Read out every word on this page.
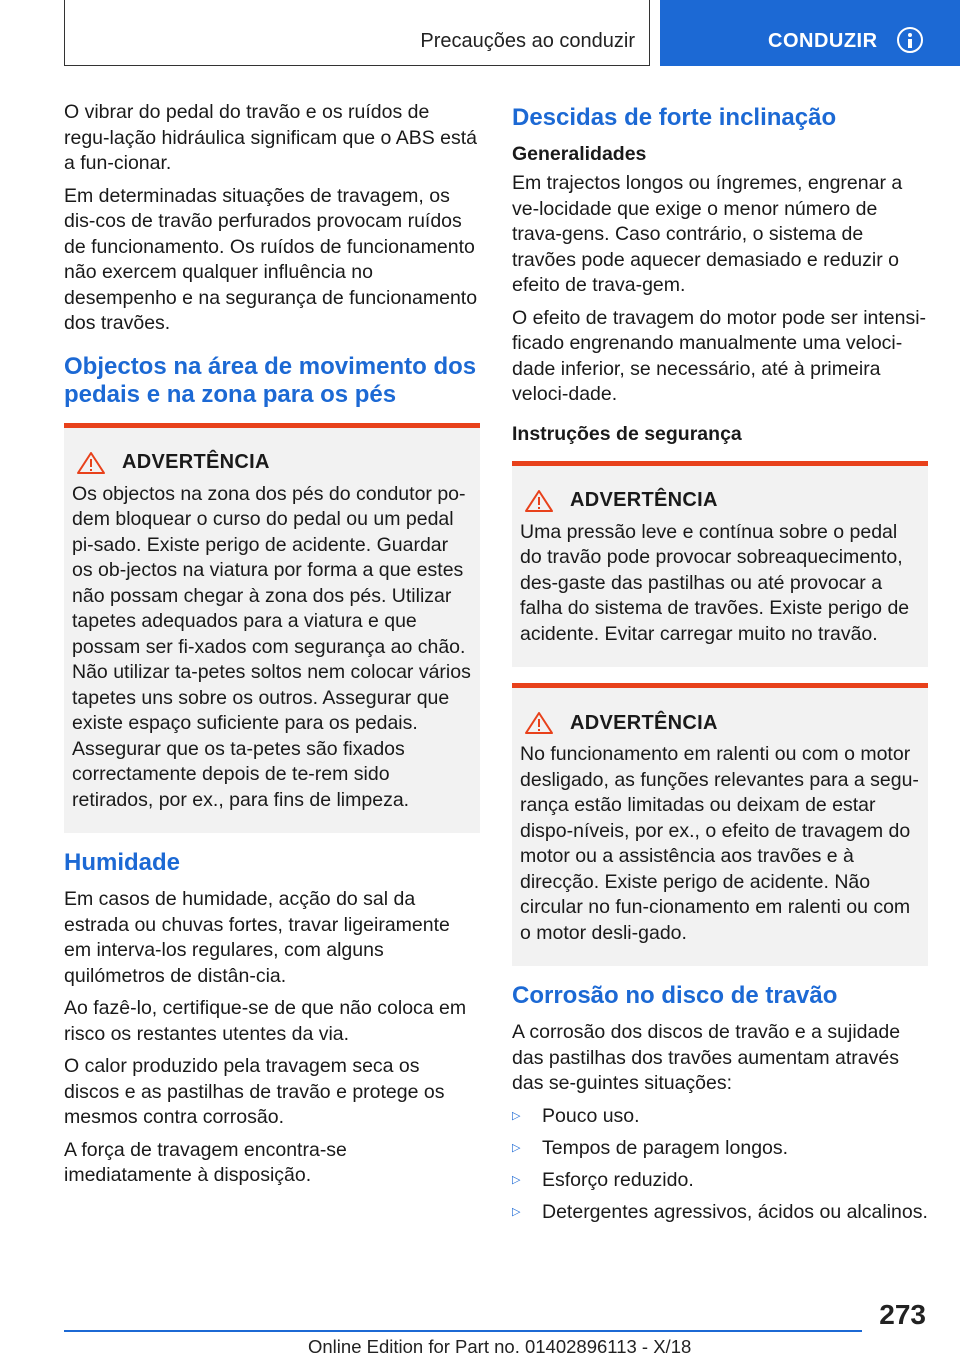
Precauções ao conduzir	CONDUZIR

O vibrar do pedal do travão e os ruídos de regu-lação hidráulica significam que o ABS está a fun-cionar.

Em determinadas situações de travagem, os dis-cos de travão perfurados provocam ruídos de funcionamento. Os ruídos de funcionamento não exercem qualquer influência no desempenho e na segurança de funcionamento dos travões.

Objectos na área de movimento dos pedais e na zona para os pés
ADVERTÊNCIA
Os objectos na zona dos pés do condutor po-dem bloquear o curso do pedal ou um pedal pi-sado. Existe perigo de acidente. Guardar os ob-jectos na viatura por forma a que estes não possam chegar à zona dos pés. Utilizar tapetes adequados para a viatura e que possam ser fi-xados com segurança ao chão. Não utilizar ta-petes soltos nem colocar vários tapetes uns sobre os outros. Assegurar que existe espaço suficiente para os pedais. Assegurar que os ta-petes são fixados correctamente depois de te-rem sido retirados, por ex., para fins de limpeza.
Humidade

Em casos de humidade, acção do sal da estrada ou chuvas fortes, travar ligeiramente em interva-los regulares, com alguns quilómetros de distân-cia.

Ao fazê-lo, certifique-se de que não coloca em risco os restantes utentes da via.

O calor produzido pela travagem seca os discos e as pastilhas de travão e protege os mesmos contra corrosão.

A força de travagem encontra-se imediatamente à disposição.

Descidas de forte inclinação
Generalidades

Em trajectos longos ou íngremes, engrenar a ve-locidade que exige o menor número de trava-gens. Caso contrário, o sistema de travões pode aquecer demasiado e reduzir o efeito de trava-gem.

O efeito de travagem do motor pode ser intensi-ficado engrenando manualmente uma veloci-dade inferior, se necessário, até à primeira veloci-dade.

Instruções de segurança
ADVERTÊNCIA
Uma pressão leve e contínua sobre o pedal do travão pode provocar sobreaquecimento, des-gaste das pastilhas ou até provocar a falha do sistema de travões. Existe perigo de acidente. Evitar carregar muito no travão.
ADVERTÊNCIA
No funcionamento em ralenti ou com o motor desligado, as funções relevantes para a segu-rança estão limitadas ou deixam de estar dispo-níveis, por ex., o efeito de travagem do motor ou a assistência aos travões e à direcção. Existe perigo de acidente. Não circular no fun-cionamento em ralenti ou com o motor desli-gado.
Corrosão no disco de travão

A corrosão dos discos de travão e a sujidade das pastilhas dos travões aumentam através das se-guintes situações:

▷ Pouco uso.
▷ Tempos de paragem longos.
▷ Esforço reduzido.
▷ Detergentes agressivos, ácidos ou alcalinos.
273
Online Edition for Part no. 01402896113 - X/18
